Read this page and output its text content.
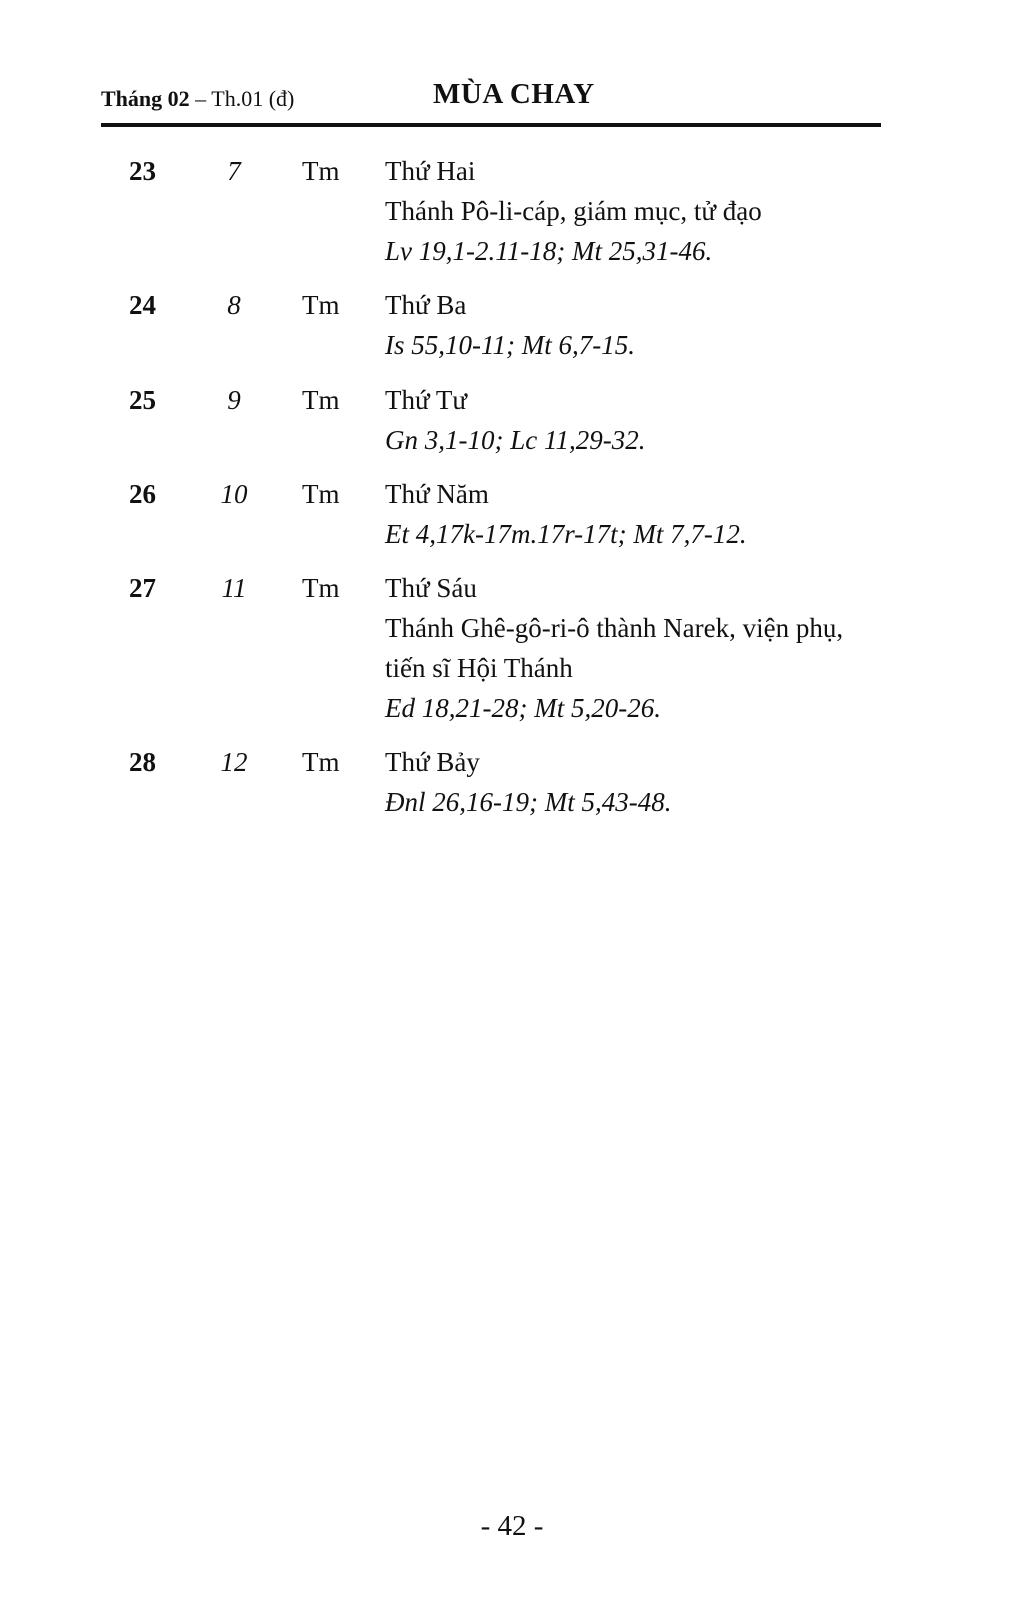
Tháng 02 – Th.01 (đ)	MÙA CHAY
23	7	Tm Thứ Hai
Thánh Pô-li-cáp, giám mục, tử đạo
Lv 19,1-2.11-18; Mt 25,31-46.
24	8	Tm Thứ Ba
Is 55,10-11; Mt 6,7-15.
25	9	Tm Thứ Tư
Gn 3,1-10; Lc 11,29-32.
26	10	Tm Thứ Năm
Et 4,17k-17m.17r-17t; Mt 7,7-12.
27	11	Tm Thứ Sáu
Thánh Ghê-gô-ri-ô thành Narek, viện phụ,
tiến sĩ Hội Thánh
Ed 18,21-28; Mt 5,20-26.
28	12	Tm Thứ Bảy
Đnl 26,16-19; Mt 5,43-48.
- 42 -
